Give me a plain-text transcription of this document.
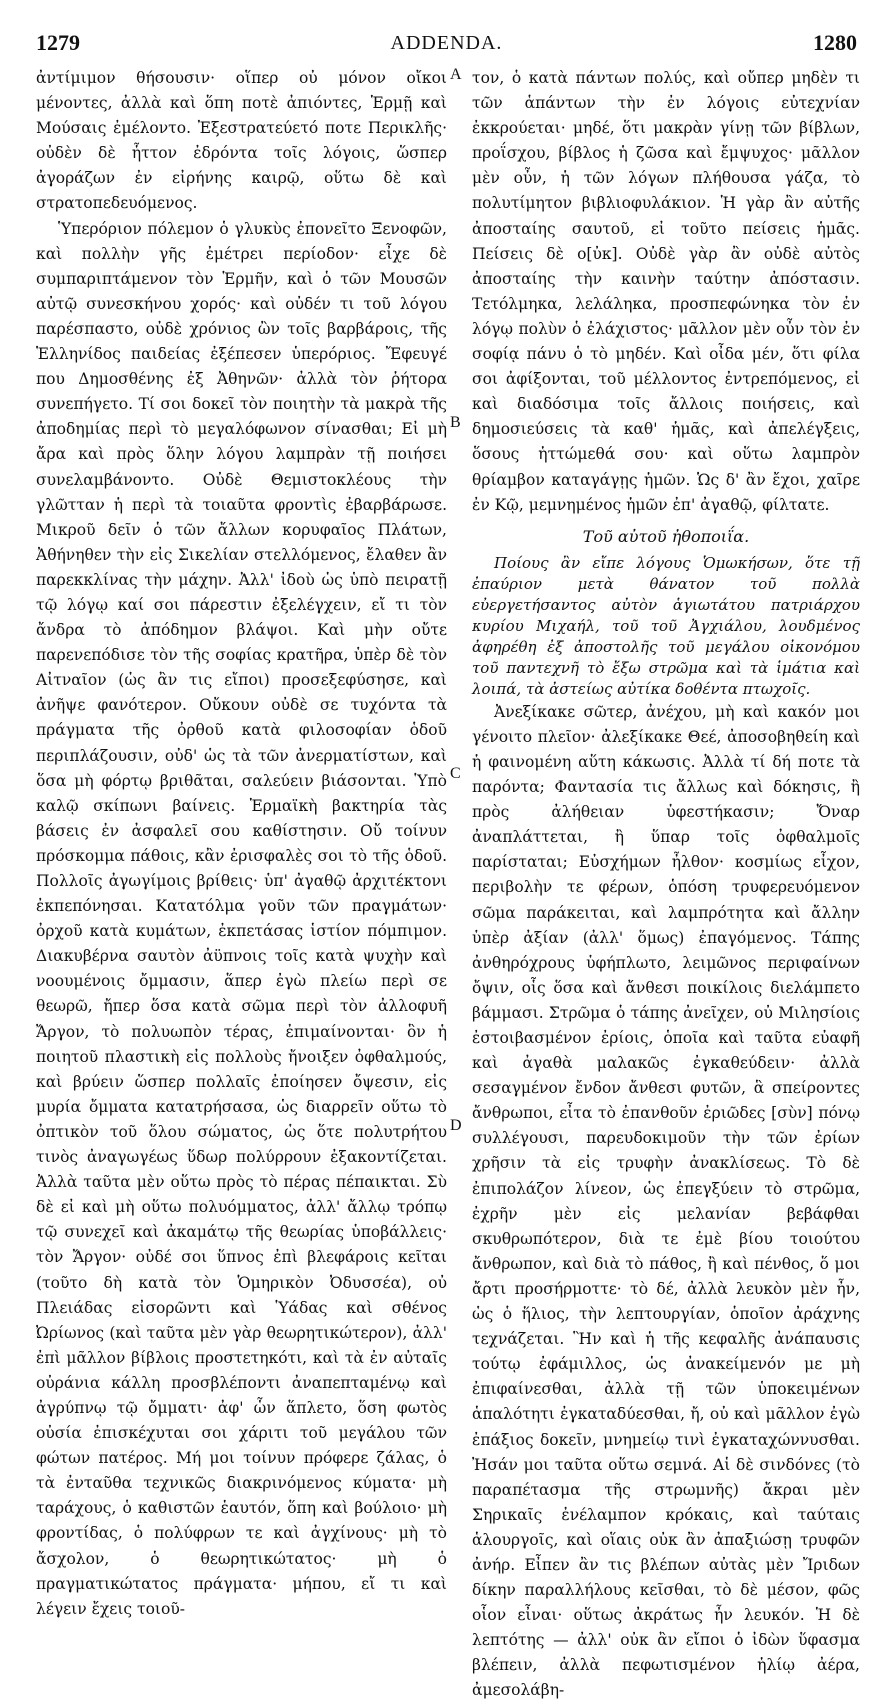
1279	ADDENDA.	1280
A
B
C
D

ἀντίμιμον θήσουσιν· οἵπερ οὐ μόνον οἴκοι μένοντες, ἀλλὰ καὶ ὅπη ποτὲ ἀπιόντες, Ἑρμῇ καὶ Μούσαις ἐμέλοντο. Ἐξεστρατεύετό ποτε Περικλῆς· οὐδὲν δὲ ἧττον ἐδρόντα τοῖς λόγοις, ὥσπερ ἀγοράζων ἐν εἰρήνης καιρῷ, οὕτω δὲ καὶ στρατοπεδευόμενος.

Ὑπερόριον πόλεμον ὁ γλυκὺς ἐπονεῖτο Ξενοφῶν, καὶ πολλὴν γῆς ἐμέτρει περίοδον· εἶχε δὲ συμπαριπτάμενον τὸν Ἑρμῆν, καὶ ὁ τῶν Μουσῶν αὐτῷ συνεσκήνου χορός· καὶ οὐδέν τι τοῦ λόγου παρέσπαστο, οὐδὲ χρόνιος ὢν τοῖς βαρβάροις, τῆς Ἑλληνίδος παιδείας ἐξέπεσεν ὑπερόριος. Ἔφευγέ που Δημοσθένης ἐξ Ἀθηνῶν· ἀλλὰ τὸν ῥήτορα συνεπήγετο. Τί σοι δοκεῖ τὸν ποιητὴν τὰ μακρὰ τῆς ἀποδημίας περὶ τὸ μεγαλόφωνον σίνασθαι; Εἰ μὴ ἄρα καὶ πρὸς ὅλην λόγου λαμπρὰν τῇ ποιήσει συνελαμβάνοντο. Οὐδὲ Θεμιστοκλέους τὴν γλῶτταν ἡ περὶ τὰ τοιαῦτα φροντὶς ἐβαρβάρωσε. Μικροῦ δεῖν ὁ τῶν ἄλλων κορυφαῖος Πλάτων, Ἀθήνηθεν τὴν εἰς Σικελίαν στελλόμενος, ἔλαθεν ἂν παρεκκλίνας τὴν μάχην. Ἀλλ' ἰδοὺ ὡς ὑπὸ πειρατῇ τῷ λόγῳ καί σοι πάρεστιν ἐξελέγχειν, εἴ τι τὸν ἄνδρα τὸ ἀπόδημον βλάψοι. Καὶ μὴν οὔτε παρενεπόδισε τὸν τῆς σοφίας κρατῆρα, ὑπὲρ δὲ τὸν Αἰτναῖον (ὡς ἂν τις εἴποι) προσεξεφύσησε, καὶ ἀνῆψε φανότερον. Οὔκουν οὐδὲ σε τυχόντα τὰ πράγματα τῆς ὀρθοῦ κατὰ φιλοσοφίαν ὁδοῦ περιπλάζουσιν, οὐδ' ὡς τὰ τῶν ἀνερματίστων, καὶ ὅσα μὴ φόρτῳ βριθᾶται, σαλεύειν βιάσονται. Ὑπὸ καλῷ σκίπωνι βαίνεις. Ἑρμαϊκὴ βακτηρία τὰς βάσεις ἐν ἀσφαλεῖ σου καθίστησιν. Οὔ τοίνυν πρόσκομμα πάθοις, κἂν ἐρισφαλὲς σοι τὸ τῆς ὁδοῦ. Πολλοῖς ἀγωγίμοις βρίθεις· ὑπ' ἀγαθῷ ἀρχιτέκτονι ἐκπεπόνησαι. Κατατόλμα γοῦν τῶν πραγμάτων· ὀρχοῦ κατὰ κυμάτων, ἐκπετάσας ἱστίον πόμπιμον. Διακυβέρνα σαυτὸν ἀϋπνοις τοῖς κατὰ ψυχὴν καὶ νοουμένοις ὄμμασιν, ἅπερ ἐγὼ πλείω περὶ σε θεωρῶ, ἤπερ ὅσα κατὰ σῶμα περὶ τὸν ἀλλοφυῆ Ἄργον, τὸ πολυωπὸν τέρας, ἐπιμαίνονται· ὃν ἡ ποιητοῦ πλαστικὴ εἰς πολλοὺς ἤνοιξεν ὀφθαλμούς, καὶ βρύειν ὥσπερ πολλαῖς ἐποίησεν ὄψεσιν, εἰς μυρία ὄμματα κατατρήσασα, ὡς διαρρεῖν οὕτω τὸ ὀπτικὸν τοῦ ὅλου σώματος, ὡς ὅτε πολυτρήτου τινὸς ἀναγωγέως ὕδωρ πολύρρουν ἐξακοντίζεται. Ἀλλὰ ταῦτα μὲν οὕτω πρὸς τὸ πέρας πέπαικται. Σὺ δὲ εἰ καὶ μὴ οὕτω πολυόμματος, ἀλλ' ἄλλῳ τρόπῳ τῷ συνεχεῖ καὶ ἀκαμάτῳ τῆς θεωρίας ὑποβάλλεις· τὸν Ἄργον· οὐδέ σοι ὕπνος ἐπὶ βλεφάροις κεῖται (τοῦτο δὴ κατὰ τὸν Ὁμηρικὸν Ὀδυσσέα), οὐ Πλειάδας εἰσορῶντι καὶ Ὑάδας καὶ σθένος Ὠρίωνος (καὶ ταῦτα μὲν γὰρ θεωρητικώτερον), ἀλλ' ἐπὶ μᾶλλον βίβλοις προστετηκότι, καὶ τὰ ἐν αὐταῖς οὐράνια κάλλη προσβλέποντι ἀναπεπταμένῳ καὶ ἀγρύπνῳ τῷ ὄμματι· ἀφ' ὧν ἅπλετο, ὅση φωτὸς οὐσία ἐπισκέχυται σοι χάριτι τοῦ μεγάλου τῶν φώτων πατέρος. Μή μοι τοίνυν πρόφερε ζάλας, ὁ τὰ ἐνταῦθα τεχνικῶς διακρινόμενος κύματα· μὴ ταράχους, ὁ καθιστῶν ἑαυτόν, ὅπη καὶ βούλοιο· μὴ φροντίδας, ὁ πολύφρων τε καὶ ἀγχίνους· μὴ τὸ ἄσχολον, ὁ θεωρητικώτατος· μὴ ὁ πραγματικώτατος πράγματα· μήπου, εἴ τι καὶ λέγειν ἔχεις τοιοῦ-

τον, ὁ κατὰ πάντων πολύς, καὶ οὔπερ μηδὲν τι τῶν ἁπάντων τὴν ἐν λόγοις εὐτεχνίαν ἐκκρούεται· μηδέ, ὅτι μακρὰν γίνῃ τῶν βίβλων, προΐσχου, βίβλος ἡ ζῶσα καὶ ἔμψυχος· μᾶλλον μὲν οὖν, ἡ τῶν λόγων πλήθουσα γάζα, τὸ πολυτίμητον βιβλιοφυλάκιον. Ἡ γὰρ ἂν αὐτῆς ἀποσταίης σαυτοῦ, εἰ τοῦτο πείσεις ἡμᾶς. Πείσεις δὲ ο[ὐκ]. Οὐδὲ γὰρ ἂν οὐδὲ αὐτὸς ἀποσταίης τὴν καινὴν ταύτην ἀπόστασιν. Τετόλμηκα, λελάληκα, προσπεφώνηκα τὸν ἐν λόγῳ πολὺν ὁ ἐλάχιστος· μᾶλλον μὲν οὖν τὸν ἐν σοφίᾳ πάνυ ὁ τὸ μηδέν. Καὶ οἶδα μέν, ὅτι φίλα σοι ἀφίξονται, τοῦ μέλλοντος ἐντρεπόμενος, εἰ καὶ διαδόσιμα τοῖς ἄλλοις ποιήσεις, καὶ δημοσιεύσεις τὰ καθ' ἡμᾶς, καὶ ἀπελέγξεις, ὅσους ἡττώμεθά σου· καὶ οὕτω λαμπρὸν θρίαμβον καταγάγῃς ἡμῶν. Ὡς δ' ἂν ἔχοι, χαῖρε ἐν Κῷ, μεμνημένος ἡμῶν ἐπ' ἀγαθῷ, φίλτατε.

Τοῦ αὐτοῦ ἠθοποιΐα.

Ποίους ἂν εἴπε λόγους Ὁμωκήσων, ὅτε τῇ ἐπαύριον μετὰ θάνατον τοῦ πολλὰ εὐεργετήσαντος αὐτὸν ἁγιωτάτου πατριάρχου κυρίου Μιχαήλ, τοῦ τοῦ Ἀγχιάλου, λουδμένος ἀφηρέθη ἐξ ἀποστολῆς τοῦ μεγάλου οἰκονόμου τοῦ παντεχνῆ τὸ ἔξω στρῶμα καὶ τὰ ἱμάτια καὶ λοιπά, τὰ ἀστείως αὐτίκα δοθέντα πτωχοῖς.

Ἀνεξίκακε σῶτερ, ἀνέχου, μὴ καὶ κακόν μοι γένοιτο πλεῖον· ἀλεξίκακε Θεέ, ἀποσοβηθείη καὶ ἡ φαινομένη αὕτη κάκωσις. Ἀλλὰ τί δή ποτε τὰ παρόντα; Φαντασία τις ἄλλως καὶ δόκησις, ἢ πρὸς ἀλήθειαν ὑφεστήκασιν; Ὄναρ ἀναπλάττεται, ἢ ὕπαρ τοῖς ὀφθαλμοῖς παρίσταται; Εὐσχήμων ἦλθον· κοσμίως εἶχον, περιβολὴν τε φέρων, ὁπόση τρυφερευόμενον σῶμα παράκειται, καὶ λαμπρότητα καὶ ἄλλην ὑπὲρ ἀξίαν (ἀλλ' ὅμως) ἐπαγόμενος. Τάπης ἀνθηρόχρους ὑφήπλωτο, λειμῶνος περιφαίνων ὄψιν, οἷς ὅσα καὶ ἄνθεσι ποικίλοις διελάμπετο βάμμασι. Στρῶμα ὁ τάπης ἀνεῖχεν, οὐ Μιλησίοις ἐστοιβασμένον ἐρίοις, ὁποῖα καὶ ταῦτα εὐαφῆ καὶ ἀγαθὰ μαλακῶς ἐγκαθεύδειν· ἀλλὰ σεσαγμένον ἔνδον ἄνθεσι φυτῶν, ἃ σπείροντες ἄνθρωποι, εἶτα τὸ ἐπανθοῦν ἐριῶδες [σὺν] πόνῳ συλλέγουσι, παρευδοκιμοῦν τὴν τῶν ἐρίων χρῆσιν τὰ εἰς τρυφὴν ἀνακλίσεως. Τὸ δὲ ἐπιπολάζον λίνεον, ὡς ἐπεγξύειν τὸ στρῶμα, ἐχρῆν μὲν εἰς μελανίαν βεβάφθαι σκυθρωπότερον, διὰ τε ἐμὲ βίου τοιούτου ἄνθρωπον, καὶ διὰ τὸ πάθος, ἢ καὶ πένθος, ὅ μοι ἄρτι προσήρμοττε· τὸ δέ, ἀλλὰ λευκὸν μὲν ἦν, ὡς ὁ ἥλιος, τὴν λεπτουργίαν, ὁποῖον ἀράχνης τεχνάζεται. Ἣν καὶ ἡ τῆς κεφαλῆς ἀνάπαυσις τούτῳ ἐφάμιλλος, ὡς ἀνακείμενόν με μὴ ἐπιφαίνεσθαι, ἀλλὰ τῇ τῶν ὑποκειμένων ἁπαλότητι ἐγκαταδύεσθαι, ἤ, οὐ καὶ μᾶλλον ἐγὼ ἐπάξιος δοκεῖν, μνημείῳ τινὶ ἐγκαταχώννυσθαι. Ἠσάν μοι ταῦτα οὕτω σεμνά. Αἱ δὲ σινδόνες (τὸ παραπέτασμα τῆς στρωμνῆς) ἄκραι μὲν Σηρικαῖς ἐνέλαμπον κρόκαις, καὶ ταύταις ἁλουργοῖς, καὶ οἵαις οὐκ ἂν ἀπαξιώσῃ τρυφῶν ἀνήρ. Εἶπεν ἂν τις βλέπων αὐτὰς μὲν Ἴριδων δίκην παραλλήλους κεῖσθαι, τὸ δὲ μέσον, φῶς οἷον εἶναι· οὕτως ἀκράτως ἦν λευκόν. Ἡ δὲ λεπτότης — ἀλλ' οὐκ ἂν εἴποι ὁ ἰδὼν ὕφασμα βλέπειν, ἀλλὰ πεφωτισμένον ἡλίῳ ἀέρα, ἀμεσολάβη-
